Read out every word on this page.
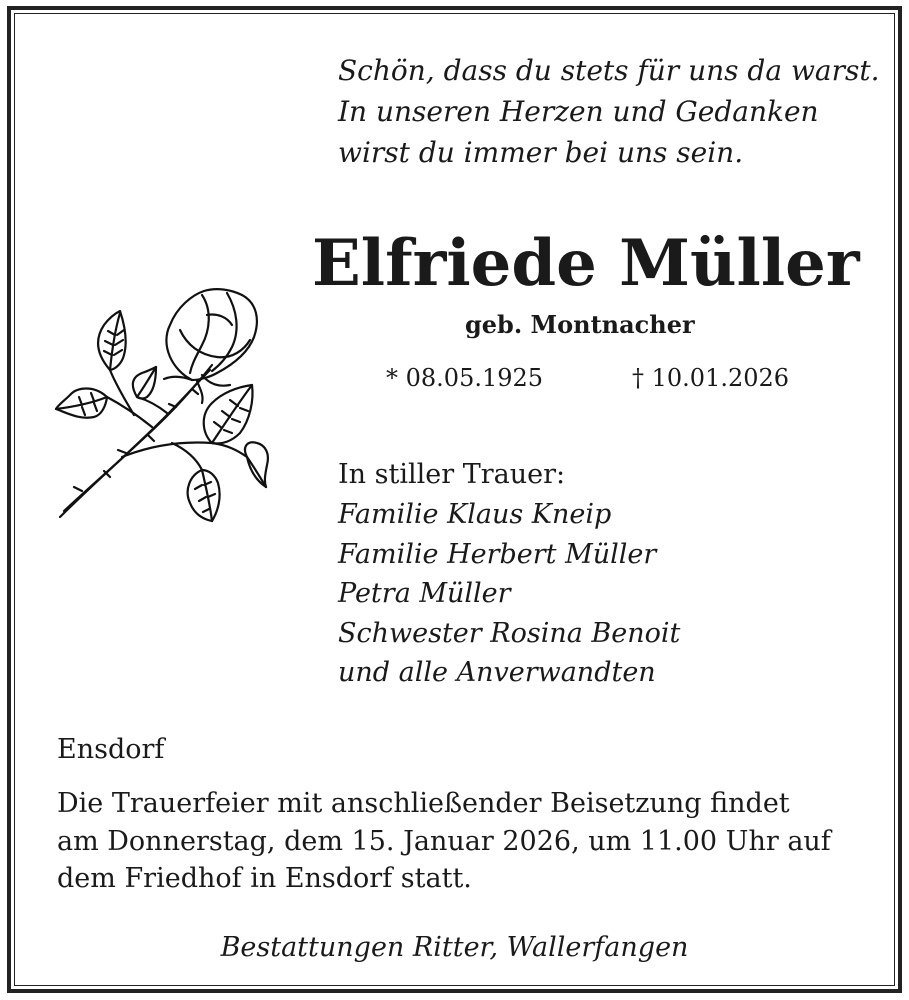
Schön, dass du stets für uns da warst.
In unseren Herzen und Gedanken
wirst du immer bei uns sein.
Elfriede Müller
geb. Montnacher
* 08.05.1925	† 10.01.2026
In stiller Trauer:
Familie Klaus Kneip
Familie Herbert Müller
Petra Müller
Schwester Rosina Benoit
und alle Anverwandten
Ensdorf
Die Trauerfeier mit anschließender Beisetzung findet
am Donnerstag, dem 15. Januar 2026, um 11.00 Uhr auf
dem Friedhof in Ensdorf statt.
Bestattungen Ritter, Wallerfangen
